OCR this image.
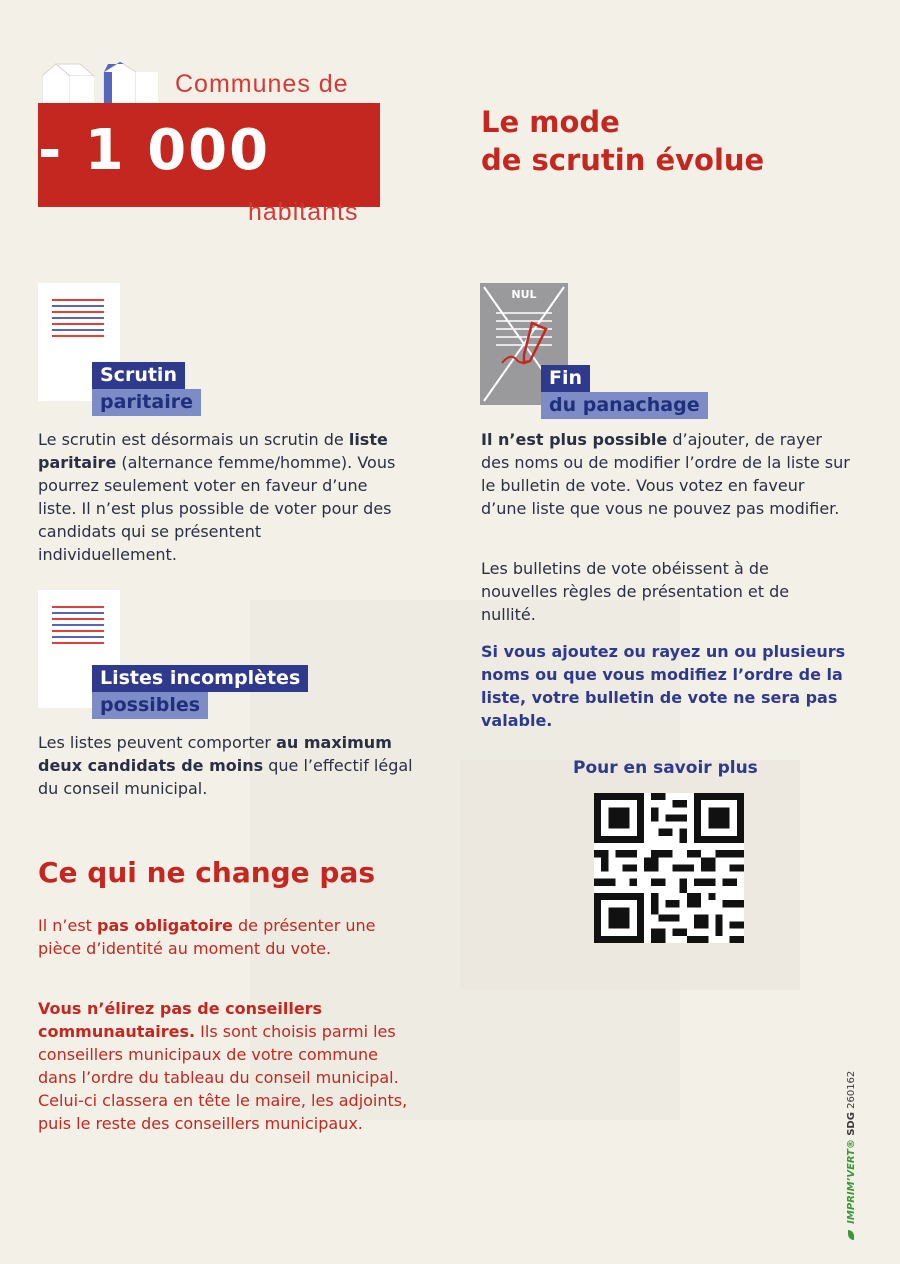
Communes de
- 1 000
habitants
Le mode
de scrutin évolue
Scrutin
paritaire
Le scrutin est désormais un scrutin de liste paritaire (alternance femme/homme). Vous pourrez seulement voter en faveur d’une liste. Il n’est plus possible de voter pour des candidats qui se présentent individuellement.
Listes incomplètes
possibles
Les listes peuvent comporter au maximum deux candidats de moins que l’effectif légal du conseil municipal.
Ce qui ne change pas
Il n’est pas obligatoire de présenter une pièce d’identité au moment du vote.
Vous n’élirez pas de conseillers communautaires. Ils sont choisis parmi les conseillers municipaux de votre commune dans l’ordre du tableau du conseil municipal. Celui-ci classera en tête le maire, les adjoints, puis le reste des conseillers municipaux.
NUL
Fin
du panachage
Il n’est plus possible d’ajouter, de rayer des noms ou de modifier l’ordre de la liste sur le bulletin de vote. Vous votez en faveur d’une liste que vous ne pouvez pas modifier.
Les bulletins de vote obéissent à de nouvelles règles de présentation et de nullité.
Si vous ajoutez ou rayez un ou plusieurs noms ou que vous modifiez l’ordre de la liste, votre bulletin de vote ne sera pas valable.
Pour en savoir plus
IMPRIM’VERT® SDG 260162
